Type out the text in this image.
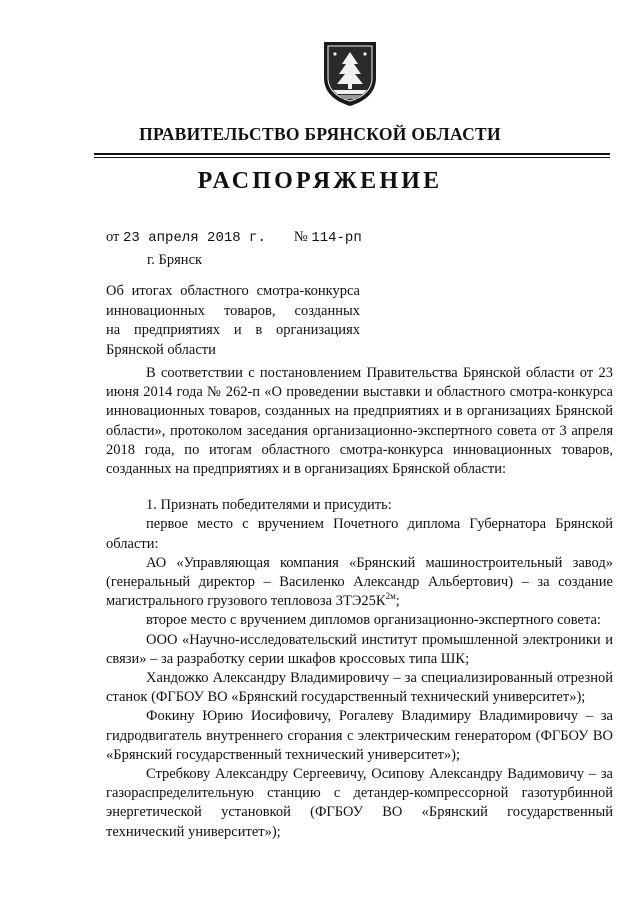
ПРАВИТЕЛЬСТВО БРЯНСКОЙ ОБЛАСТИ
РАСПОРЯЖЕНИЕ
от 23 апреля 2018 г. № 114-рп
г. Брянск
Об итогах областного смотра-конкурса
инновационных товаров, созданных
на предприятиях и в организациях
Брянской области

В соответствии с постановлением Правительства Брянской области от 23 июня 2014 года № 262-п «О проведении выставки и областного смотра-конкурса инновационных товаров, созданных на предприятиях и в организациях Брянской области», протоколом заседания организационно-экспертного совета от 3 апреля 2018 года, по итогам областного смотра-конкурса инновационных товаров, созданных на предприятиях и в организациях Брянской области:

1. Признать победителями и присудить:

первое место с вручением Почетного диплома Губернатора Брянской области:

АО «Управляющая компания «Брянский машиностроительный завод» (генеральный директор – Василенко Александр Альбертович) – за создание магистрального грузового тепловоза $3ТЭ25К^{2м}$;

второе место с вручением дипломов организационно-экспертного совета:

ООО «Научно-исследовательский институт промышленной электроники и связи» – за разработку серии шкафов кроссовых типа ШК;

Хандожко Александру Владимировичу – за специализированный отрезной станок (ФГБОУ ВО «Брянский государственный технический университет»);

Фокину Юрию Иосифовичу, Рогалеву Владимиру Владимировичу – за гидродвигатель внутреннего сгорания с электрическим генератором (ФГБОУ ВО «Брянский государственный технический университет»);

Стребкову Александру Сергеевичу, Осипову Александру Вадимовичу – за газораспределительную станцию с детандер-компрессорной газотурбинной энергетической установкой (ФГБОУ ВО «Брянский государственный технический университет»);
